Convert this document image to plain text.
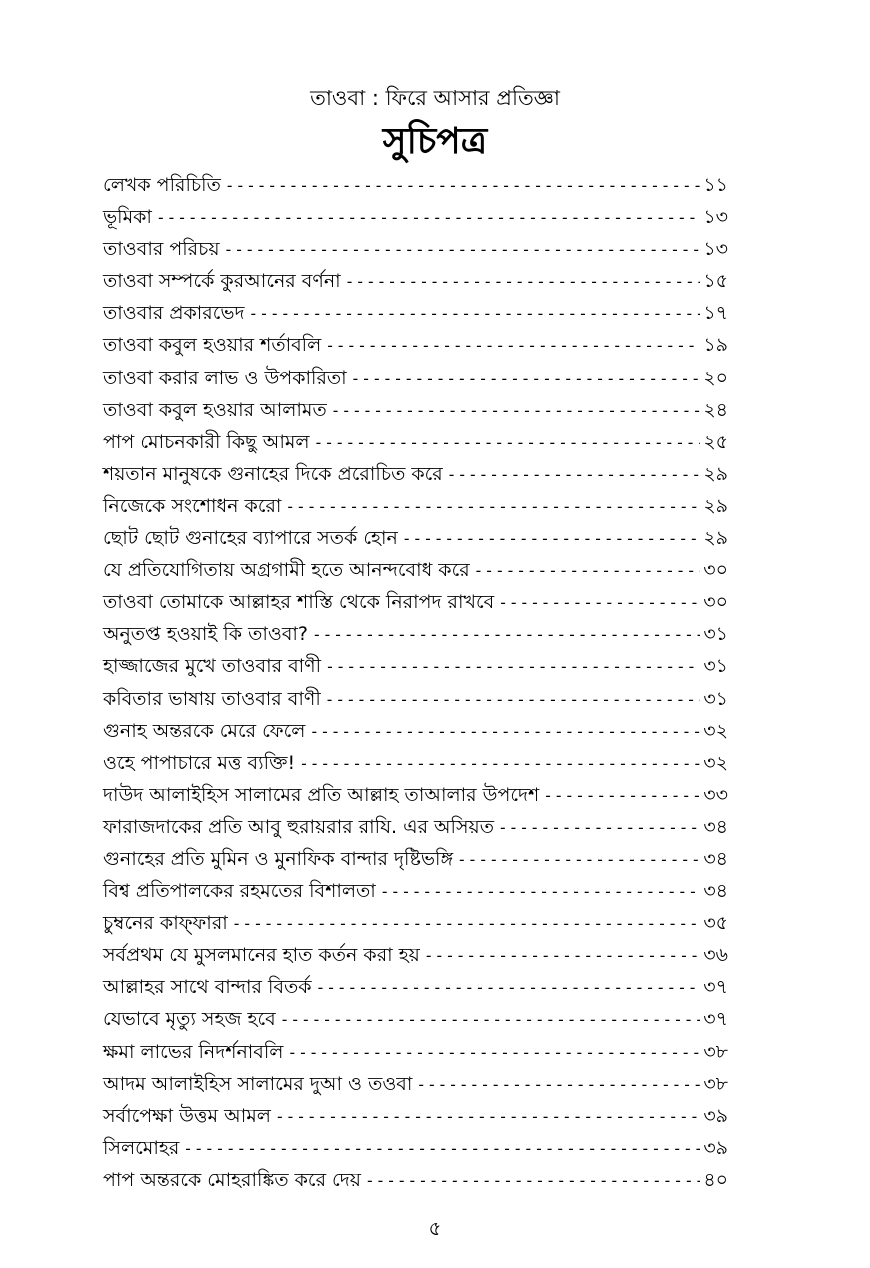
তাওবা : ফিরে আসার প্রতিজ্ঞা
সুচিপত্র
লেখক পরিচিতি -----	১১
ভূমিকা -----	১৩
তাওবার পরিচয় -----	১৩
তাওবা সম্পর্কে কুরআনের বর্ণনা -----	১৫
তাওবার প্রকারভেদ -----	১৭
তাওবা কবুল হওয়ার শর্তাবলি -----	১৯
তাওবা করার লাভ ও উপকারিতা -----	২০
তাওবা কবুল হওয়ার আলামত -----	২৪
পাপ মোচনকারী কিছু আমল -----	২৫
শয়তান মানুষকে গুনাহের দিকে প্ররোচিত করে -----	২৯
নিজেকে সংশোধন করো -----	২৯
ছোট ছোট গুনাহের ব্যাপারে সতর্ক হোন -----	২৯
যে প্রতিযোগিতায় অগ্রগামী হতে আনন্দবোধ করে -----	৩০
তাওবা তোমাকে আল্লাহর শাস্তি থেকে নিরাপদ রাখবে -----	৩০
অনুতপ্ত হওয়াই কি তাওবা? -----	৩১
হাজ্জাজের মুখে তাওবার বাণী -----	৩১
কবিতার ভাষায় তাওবার বাণী -----	৩১
গুনাহ অন্তরকে মেরে ফেলে -----	৩২
ওহে পাপাচারে মত্ত ব্যক্তি! -----	৩২
দাউদ আলাইহিস সালামের প্রতি আল্লাহ তাআলার উপদেশ -----	৩৩
ফারাজদাকের প্রতি আবু হুরায়রার রাযি. এর অসিয়ত -----	৩৪
গুনাহের প্রতি মুমিন ও মুনাফিক বান্দার দৃষ্টিভঙ্গি -----	৩৪
বিশ্ব প্রতিপালকের রহমতের বিশালতা -----	৩৪
চুম্বনের কাফ্ফারা -----	৩৫
সর্বপ্রথম যে মুসলমানের হাত কর্তন করা হয় -----	৩৬
আল্লাহর সাথে বান্দার বিতর্ক -----	৩৭
যেভাবে মৃত্যু সহজ হবে -----	৩৭
ক্ষমা লাভের নিদর্শনাবলি -----	৩৮
আদম আলাইহিস সালামের দুআ ও তওবা -----	৩৮
সর্বাপেক্ষা উত্তম আমল -----	৩৯
সিলমোহর -----	৩৯
পাপ অন্তরকে মোহরাঙ্কিত করে দেয় -----	৪০
৫
